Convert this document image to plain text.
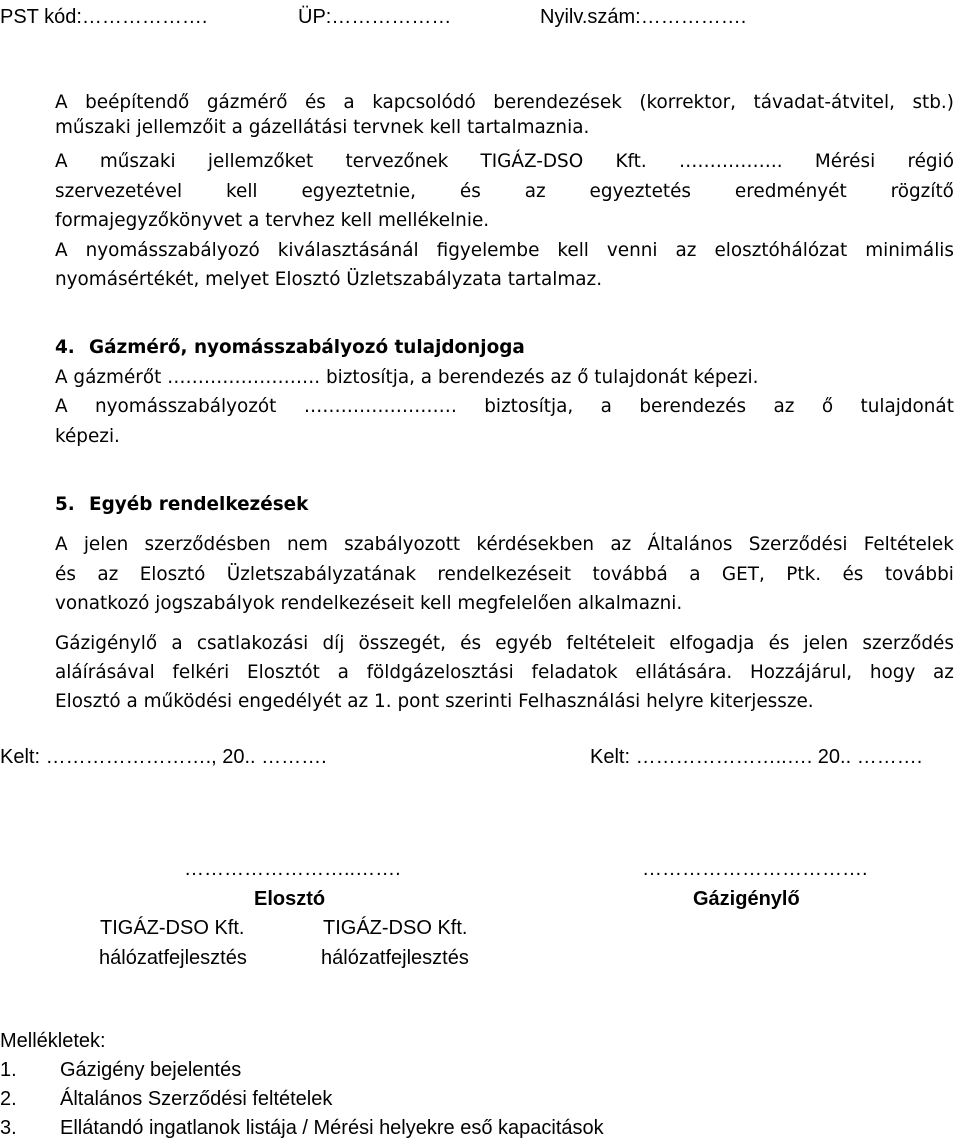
PST kód:……………….	ÜP:………………	Nyilv.szám:…………….
A beépítendő gázmérő és a kapcsolódó berendezések (korrektor, távadat-átvitel, stb.)
műszaki jellemzőit a gázellátási tervnek kell tartalmaznia.
A műszaki jellemzőket tervezőnek TIGÁZ-DSO Kft. …………….. Mérési régió
szervezetével kell egyeztetnie, és az egyeztetés eredményét rögzítő
formajegyzőkönyvet a tervhez kell mellékelnie.
A nyomásszabályozó kiválasztásánál figyelembe kell venni az elosztóhálózat minimális
nyomásértékét, melyet Elosztó Üzletszabályzata tartalmaz.
4. Gázmérő, nyomásszabályozó tulajdonjoga
A gázmérőt ……………………. biztosítja, a berendezés az ő tulajdonát képezi.
A nyomásszabályozót ……………………. biztosítja, a berendezés az ő tulajdonát
képezi.
5. Egyéb rendelkezések
A jelen szerződésben nem szabályozott kérdésekben az Általános Szerződési Feltételek
és az Elosztó Üzletszabályzatának rendelkezéseit továbbá a GET, Ptk. és további
vonatkozó jogszabályok rendelkezéseit kell megfelelően alkalmazni.
Gázigénylő a csatlakozási díj összegét, és egyéb feltételeit elfogadja és jelen szerződés
aláírásával felkéri Elosztót a földgázelosztási feladatok ellátására. Hozzájárul, hogy az
Elosztó a működési engedélyét az 1. pont szerinti Felhasználási helyre kiterjessze.
Kelt: ……………………., 20.. ……….	Kelt: …………………..…. 20.. ……….
……………………..…….	…………………………….
Elosztó	Gázigénylő
TIGÁZ-DSO Kft.	TIGÁZ-DSO Kft.
hálózatfejlesztés	hálózatfejlesztés
Mellékletek:
1. Gázigény bejelentés
2. Általános Szerződési feltételek
3. Ellátandó ingatlanok listája / Mérési helyekre eső kapacitások
